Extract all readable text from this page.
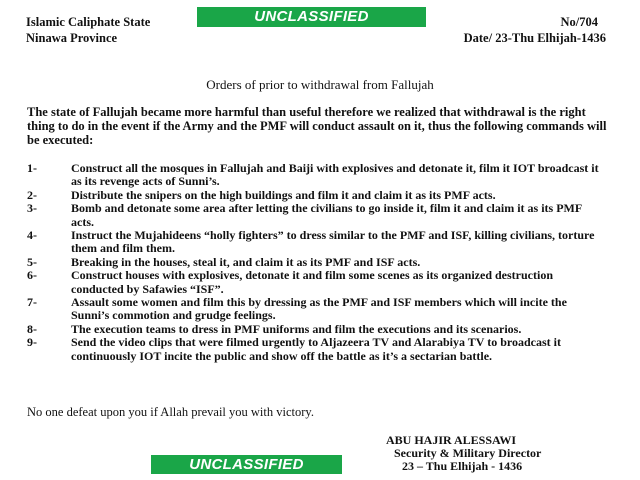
UNCLASSIFIED
Islamic Caliphate State
Ninawa Province
No/704
Date/ 23-Thu Elhijah-1436
Orders of prior to withdrawal from Fallujah
The state of Fallujah became more harmful than useful therefore we realized that withdrawal is the right thing to do in the event if the Army and the PMF will conduct assault on it, thus the following commands will be executed:
1-	Construct all the mosques in Fallujah and Baiji with explosives and detonate it, film it IOT broadcast it as its revenge acts of Sunni’s.
2-	Distribute the snipers on the high buildings and film it and claim it as its PMF acts.
3-	Bomb and detonate some area after letting the civilians to go inside it, film it and claim it as its PMF acts.
4-	Instruct the Mujahideens “holly fighters” to dress similar to the PMF and ISF, killing civilians, torture them and film them.
5-	Breaking in the houses, steal it, and claim it as its PMF and ISF acts.
6-	Construct houses with explosives, detonate it and film some scenes as its organized destruction conducted by Safawies “ISF”.
7-	Assault some women and film this by dressing as the PMF and ISF members which will incite the Sunni’s commotion and grudge feelings.
8-	The execution teams to dress in PMF uniforms and film the executions and its scenarios.
9-	Send the video clips that were filmed urgently to Aljazeera TV and Alarabiya TV to broadcast it continuously IOT incite the public and show off the battle as it’s a sectarian battle.
No one defeat upon you if Allah prevail you with victory.
ABU HAJIR ALESSAWI
Security & Military Director
23 – Thu Elhijah - 1436
UNCLASSIFIED
